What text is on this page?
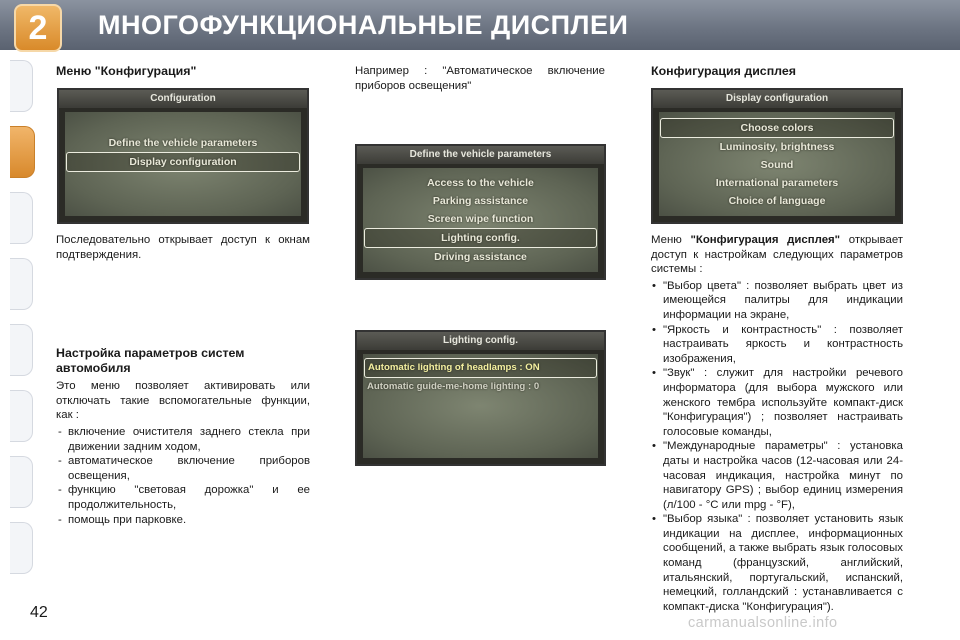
2	МНОГОФУНКЦИОНАЛЬНЫЕ ДИСПЛЕИ

Меню "Конфигурация"

Configuration
Define the vehicle parameters
Display configuration

Последовательно открывает доступ к окнам подтверждения.

Настройка параметров систем автомобиля

Это меню позволяет активировать или отключать такие вспомогательные функции, как :

- включение очистителя заднего стекла при движении задним ходом,
- автоматическое включение приборов освещения,
- функцию "световая дорожка" и ее продолжительность,
- помощь при парковке.

Например : "Автоматическое включение приборов освещения"

Define the vehicle parameters
Access to the vehicle
Parking assistance
Screen wipe function
Lighting config.
Driving assistance
Lighting config.
Automatic lighting of headlamps : ON
Automatic guide-me-home lighting : 0

Конфигурация дисплея

Display configuration
Choose colors
Luminosity, brightness
Sound
International parameters
Choice of language

Меню "Конфигурация дисплея" открывает доступ к настройкам следующих параметров системы :

• "Выбор цвета" : позволяет выбрать цвет из имеющейся палитры для индикации информации на экране,
• "Яркость и контрастность" : позволяет настраивать яркость и контрастность изображения,
• "Звук" : служит для настройки речевого информатора (для выбора мужского или женского тембра используйте компакт-диск "Конфигурация") ; позволяет настраивать голосовые команды,
• "Международные параметры" : установка даты и настройка часов (12-часовая или 24-часовая индикация, настройка минут по навигатору GPS) ; выбор единиц измерения (л/100 - °C или mpg - °F),
• "Выбор языка" : позволяет установить язык индикации на дисплее, информационных сообщений, а также выбрать язык голосовых команд (французский, английский, итальянский, португальский, испанский, немецкий, голландский : устанавливается с компакт-диска "Конфигурация").
42
carmanualsonline.info
